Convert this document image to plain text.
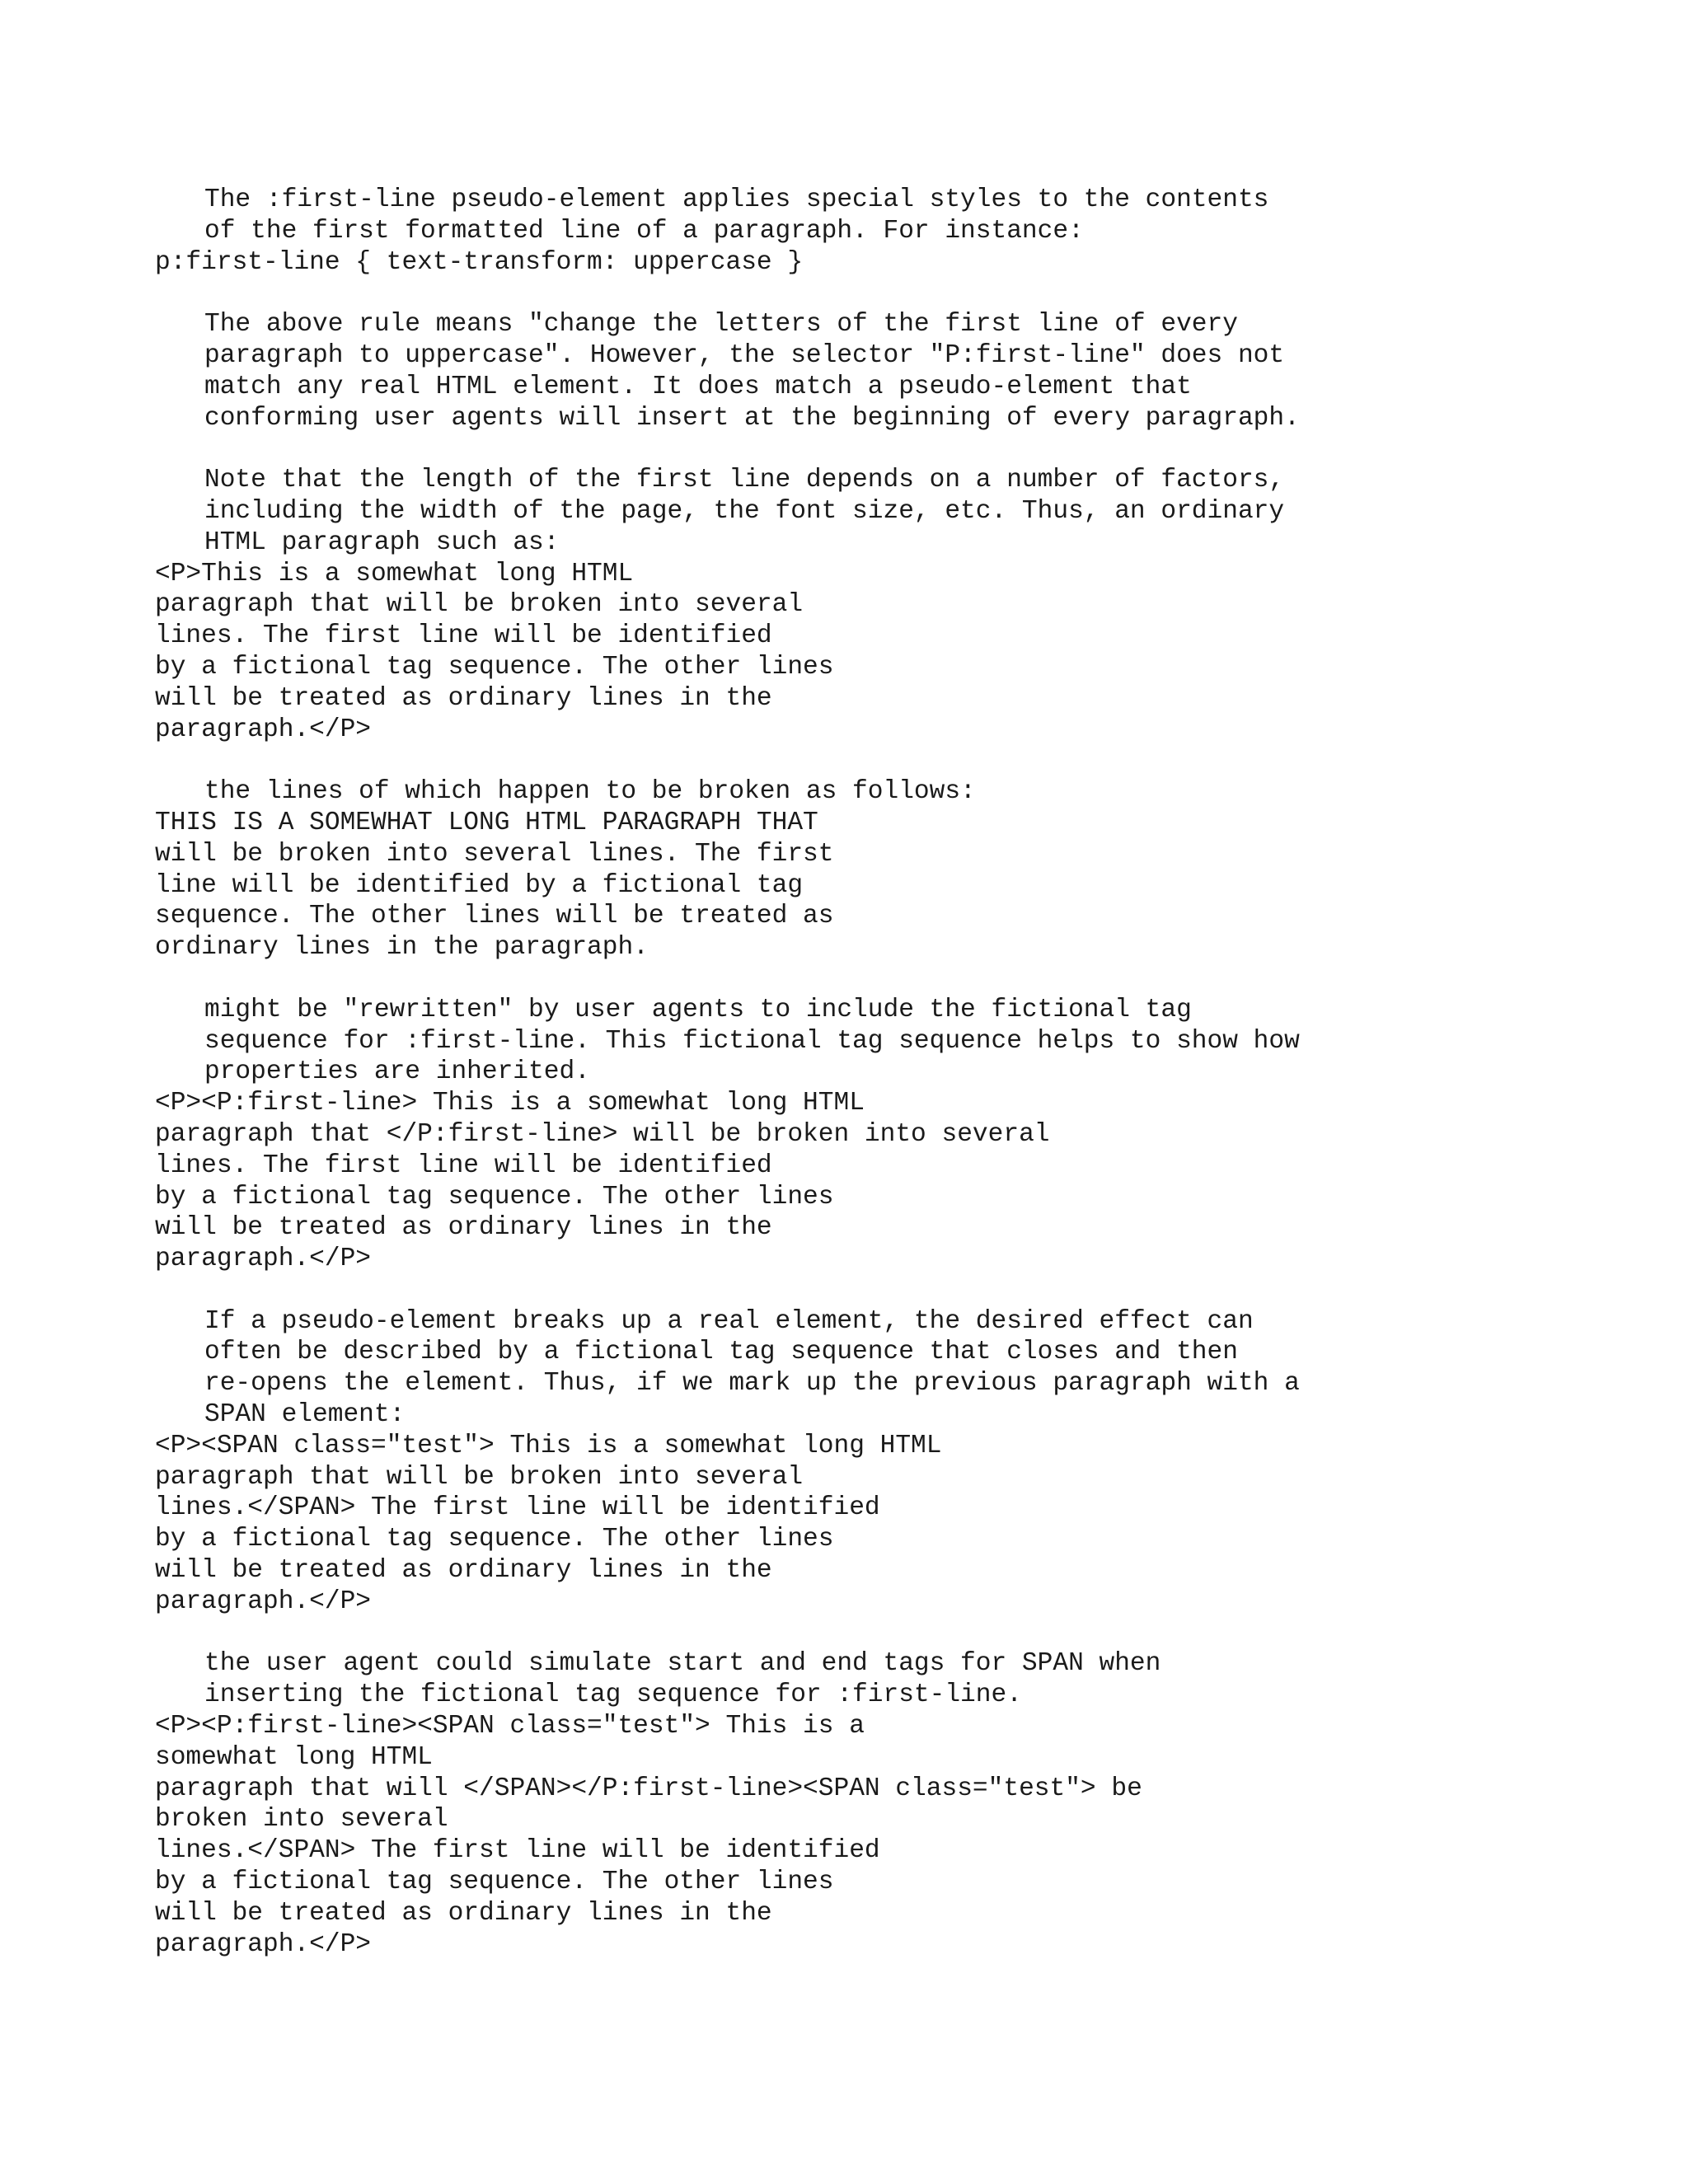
The :first-line pseudo-element applies special styles to the contents
of the first formatted line of a paragraph. For instance:
p:first-line { text-transform: uppercase }
The above rule means "change the letters of the first line of every
paragraph to uppercase". However, the selector "P:first-line" does not
match any real HTML element. It does match a pseudo-element that
conforming user agents will insert at the beginning of every paragraph.
Note that the length of the first line depends on a number of factors,
including the width of the page, the font size, etc. Thus, an ordinary
HTML paragraph such as:
<P>This is a somewhat long HTML
paragraph that will be broken into several
lines. The first line will be identified
by a fictional tag sequence. The other lines
will be treated as ordinary lines in the
paragraph.</P>
the lines of which happen to be broken as follows:
THIS IS A SOMEWHAT LONG HTML PARAGRAPH THAT
will be broken into several lines. The first
line will be identified by a fictional tag
sequence. The other lines will be treated as
ordinary lines in the paragraph.
might be "rewritten" by user agents to include the fictional tag
sequence for :first-line. This fictional tag sequence helps to show how
properties are inherited.
<P><P:first-line> This is a somewhat long HTML
paragraph that </P:first-line> will be broken into several
lines. The first line will be identified
by a fictional tag sequence. The other lines
will be treated as ordinary lines in the
paragraph.</P>
If a pseudo-element breaks up a real element, the desired effect can
often be described by a fictional tag sequence that closes and then
re-opens the element. Thus, if we mark up the previous paragraph with a
SPAN element:
<P><SPAN class="test"> This is a somewhat long HTML
paragraph that will be broken into several
lines.</SPAN> The first line will be identified
by a fictional tag sequence. The other lines
will be treated as ordinary lines in the
paragraph.</P>
the user agent could simulate start and end tags for SPAN when
inserting the fictional tag sequence for :first-line.
<P><P:first-line><SPAN class="test"> This is a
somewhat long HTML
paragraph that will </SPAN></P:first-line><SPAN class="test"> be
broken into several
lines.</SPAN> The first line will be identified
by a fictional tag sequence. The other lines
will be treated as ordinary lines in the
paragraph.</P>
